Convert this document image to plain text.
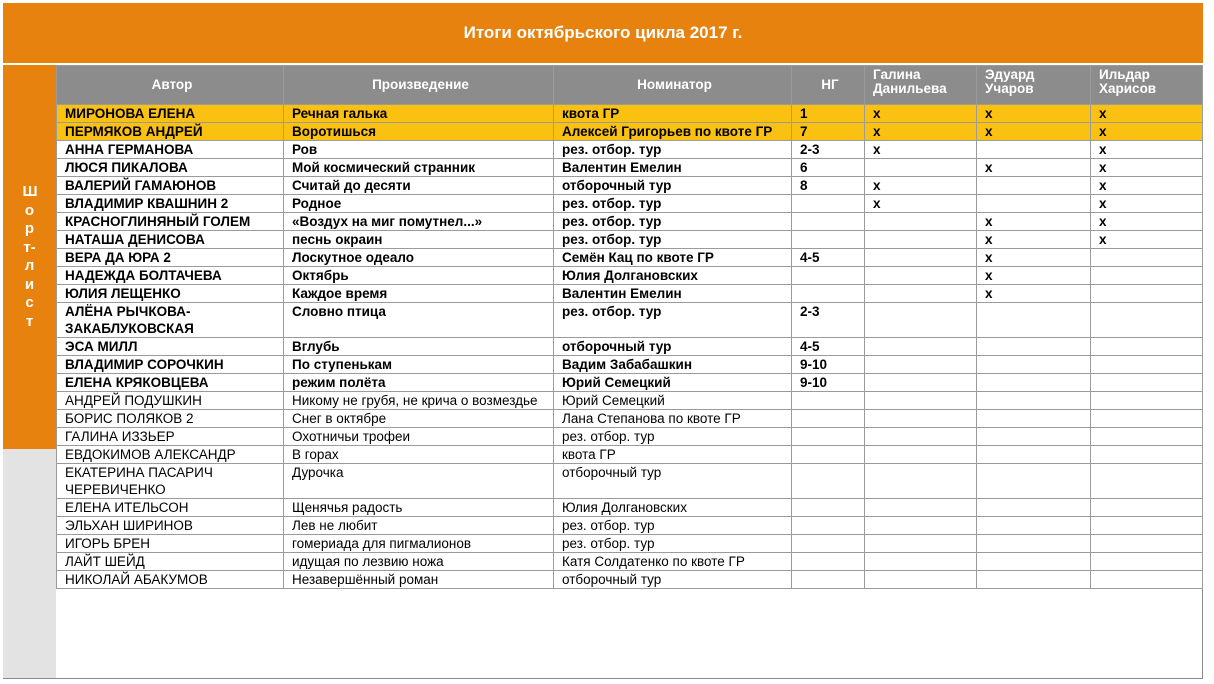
Итоги октябрьского цикла 2017 г.
Шорт-лист
Автор	Произведение	Номинатор	НГ	Галина Данильева	Эдуард Учаров	Ильдар Харисов
МИРОНОВА ЕЛЕНА	Речная галька	квота ГР	1	x	x	x
ПЕРМЯКОВ АНДРЕЙ	Воротишься	Алексей Григорьев по квоте ГР	7	x	x	x
АННА ГЕРМАНОВА	Ров	рез. отбор. тур	2-3	x		x
ЛЮСЯ ПИКАЛОВА	Мой космический странник	Валентин Емелин	6		x	x
ВАЛЕРИЙ ГАМАЮНОВ	Считай до десяти	отборочный тур	8	x		x
ВЛАДИМИР КВАШНИН 2	Родное	рез. отбор. тур		x		x
КРАСНОГЛИНЯНЫЙ ГОЛЕМ	«Воздух на миг помутнел...»	рез. отбор. тур			x	x
НАТАША ДЕНИСОВА	песнь окраин	рез. отбор. тур			x	x
ВЕРА ДА ЮРА 2	Лоскутное одеало	Семён Кац по квоте ГР	4-5		x	
НАДЕЖДА БОЛТАЧЕВА	Октябрь	Юлия Долгановских			x	
ЮЛИЯ ЛЕЩЕНКО	Каждое время	Валентин Емелин			x	
АЛЁНА РЫЧКОВА-ЗАКАБЛУКОВСКАЯ	Словно птица	рез. отбор. тур	2-3			
ЭСА МИЛЛ	Вглубь	отборочный тур	4-5			
ВЛАДИМИР СОРОЧКИН	По ступенькам	Вадим Забабашкин	9-10			
ЕЛЕНА КРЯКОВЦЕВА	режим полёта	Юрий Семецкий	9-10			
АНДРЕЙ ПОДУШКИН	Никому не грубя, не крича о возмездье	Юрий Семецкий				
БОРИС ПОЛЯКОВ 2	Снег в октябре	Лана Степанова по квоте ГР				
ГАЛИНА ИЗЗЬЕР	Охотничьи трофеи	рез. отбор. тур				
ЕВДОКИМОВ АЛЕКСАНДР	В горах	квота ГР				
ЕКАТЕРИНА ПАСАРИЧ ЧЕРЕВИЧЕНКО	Дурочка	отборочный тур				
ЕЛЕНА ИТЕЛЬСОН	Щенячья радость	Юлия Долгановских				
ЭЛЬХАН ШИРИНОВ	Лев не любит	рез. отбор. тур				
ИГОРЬ БРЕН	гомериада для пигмалионов	рез. отбор. тур				
ЛАЙТ ШЕЙД	идущая по лезвию ножа	Катя Солдатенко по квоте ГР				
НИКОЛАЙ АБАКУМОВ	Незавершённый роман	отборочный тур				
